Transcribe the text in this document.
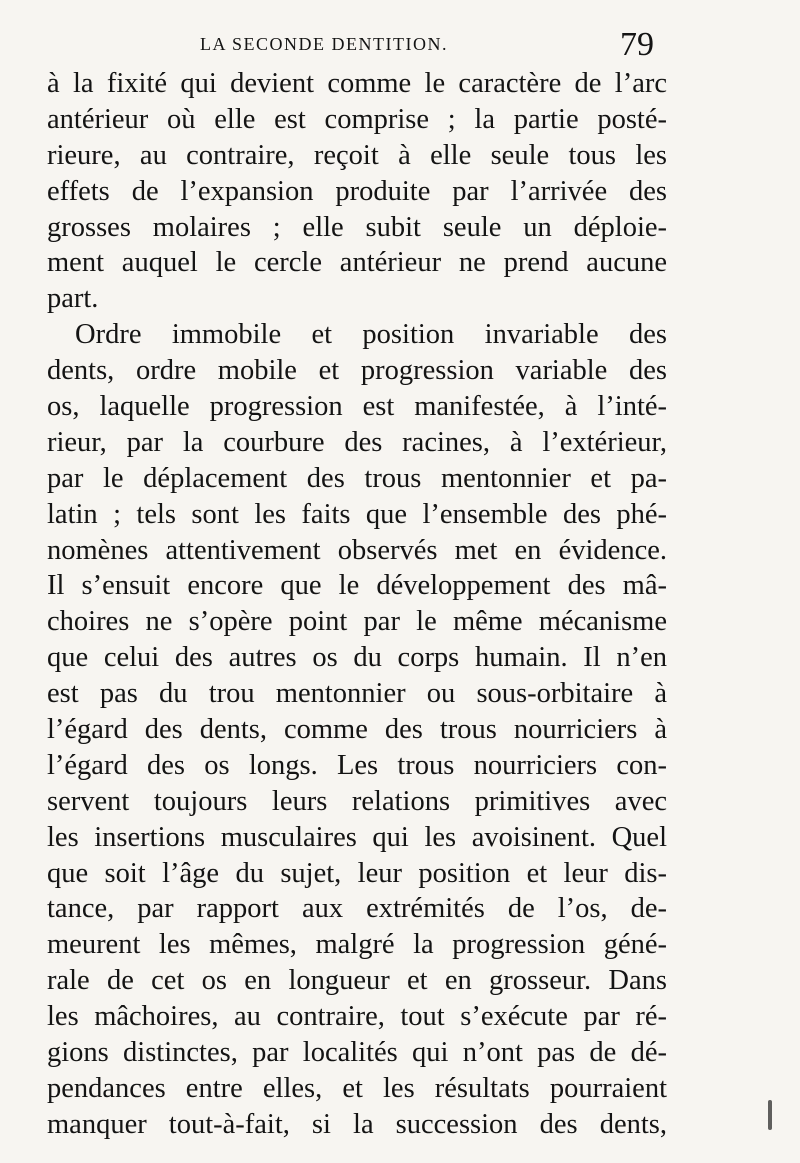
LA SECONDE DENTITION.	79
à la fixité qui devient comme le caractère de l’arc
antérieur où elle est comprise ; la partie posté-
rieure, au contraire, reçoit à elle seule tous les
effets de l’expansion produite par l’arrivée des
grosses molaires ; elle subit seule un déploie-
ment auquel le cercle antérieur ne prend aucune
part.
Ordre immobile et position invariable des
dents, ordre mobile et progression variable des
os, laquelle progression est manifestée, à l’inté-
rieur, par la courbure des racines, à l’extérieur,
par le déplacement des trous mentonnier et pa-
latin ; tels sont les faits que l’ensemble des phé-
nomènes attentivement observés met en évidence.
Il s’ensuit encore que le développement des mâ-
choires ne s’opère point par le même mécanisme
que celui des autres os du corps humain. Il n’en
est pas du trou mentonnier ou sous-orbitaire à
l’égard des dents, comme des trous nourriciers à
l’égard des os longs. Les trous nourriciers con-
servent toujours leurs relations primitives avec
les insertions musculaires qui les avoisinent. Quel
que soit l’âge du sujet, leur position et leur dis-
tance, par rapport aux extrémités de l’os, de-
meurent les mêmes, malgré la progression géné-
rale de cet os en longueur et en grosseur. Dans
les mâchoires, au contraire, tout s’exécute par ré-
gions distinctes, par localités qui n’ont pas de dé-
pendances entre elles, et les résultats pourraient
manquer tout-à-fait, si la succession des dents,
